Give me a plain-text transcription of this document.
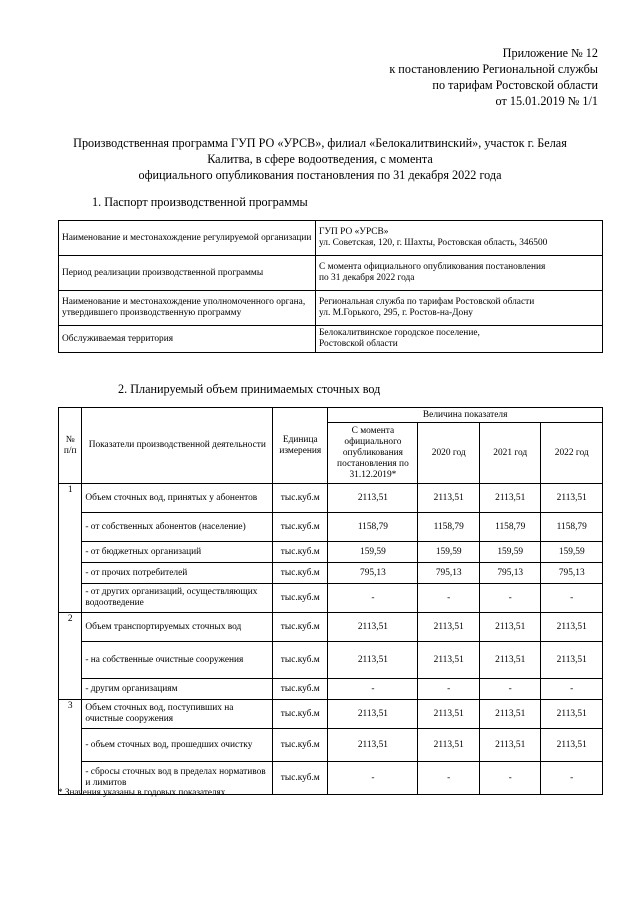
Приложение № 12
к постановлению Региональной службы
по тарифам Ростовской области
от 15.01.2019 № 1/1
Производственная программа ГУП РО «УРСВ», филиал «Белокалитвинский», участок г. Белая
Калитва, в сфере водоотведения, с момента
официального опубликования постановления по 31 декабря 2022 года
1. Паспорт производственной программы
Наименование и местонахождение регулируемой организации	ГУП РО «УРСВ»
ул. Советская, 120, г. Шахты, Ростовская область, 346500

Период реализации производственной программы	С момента официального опубликования постановления
по 31 декабря 2022 года

Наименование и местонахождение уполномоченного органа, утвердившего производственную программу	Региональная служба по тарифам Ростовской области
ул. М.Горького, 295, г. Ростов-на-Дону

Обслуживаемая территория	Белокалитвинское городское поселение,
Ростовской области
2. Планируемый объем принимаемых сточных вод
№ п/п	Показатели производственной деятельности	Единица измерения	Величина показателя			
			С момента официального опубликования постановления по 31.12.2019*	2020 год	2021 год	2022 год
1	Объем сточных вод, принятых у абонентов	тыс.куб.м	2113,51	2113,51	2113,51	2113,51
	- от собственных абонентов (население)	тыс.куб.м	1158,79	1158,79	1158,79	1158,79
	- от бюджетных организаций	тыс.куб.м	159,59	159,59	159,59	159,59
	- от прочих потребителей	тыс.куб.м	795,13	795,13	795,13	795,13
	- от других организаций, осуществляющих водоотведение	тыс.куб.м	-	-	-	-
2	Объем транспортируемых сточных вод	тыс.куб.м	2113,51	2113,51	2113,51	2113,51
	- на собственные очистные сооружения	тыс.куб.м	2113,51	2113,51	2113,51	2113,51
	- другим организациям	тыс.куб.м	-	-	-	-
3	Объем сточных вод, поступивших на очистные сооружения	тыс.куб.м	2113,51	2113,51	2113,51	2113,51
	- объем сточных вод, прошедших очистку	тыс.куб.м	2113,51	2113,51	2113,51	2113,51
	- сбросы сточных вод в пределах нормативов и лимитов	тыс.куб.м	-	-	-	-
* Значения указаны в годовых показателях
